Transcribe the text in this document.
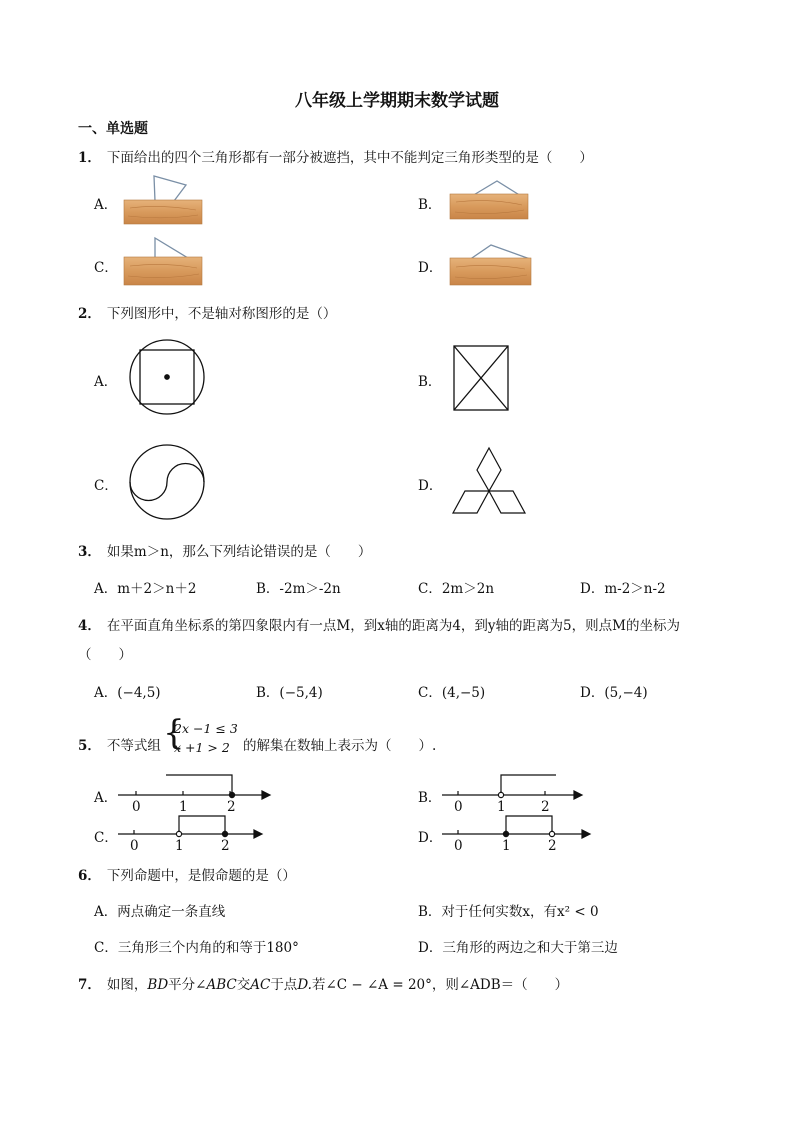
八年级上学期期末数学试题
一、单选题
1． 下面给出的四个三角形都有一部分被遮挡，其中不能判定三角形类型的是（　　）
A．	B．
C．	D．
2． 下列图形中，不是轴对称图形的是（）
A．	B．
C．	D．
3． 如果m＞n，那么下列结论错误的是（　　）
A．m＋2＞n＋2	B．-2m＞-2n	C．2m＞2n	D．m-2＞n-2
4． 在平面直角坐标系的第四象限内有一点M，到x轴的距离为4，到y轴的距离为5，则点M的坐标为
（　　）
A．(−4,5)	B．(−5,4)	C．(4,−5)	D．(5,−4)
5． 不等式组 {
2x −1 ≤ 3
x +1 > 2 的解集在数轴上表示为（　　）.
A．	B．
C．	D．
0	1	2	0	1	2
0	1	2	0	1	2
6． 下列命题中，是假命题的是（）
A．两点确定一条直线	B．对于任何实数x，有x² < 0
C．三角形三个内角的和等于180°	D．三角形的两边之和大于第三边
7． 如图，BD平分∠ABC交AC于点D.若∠C − ∠A = 20°，则∠ADB＝（　　）
